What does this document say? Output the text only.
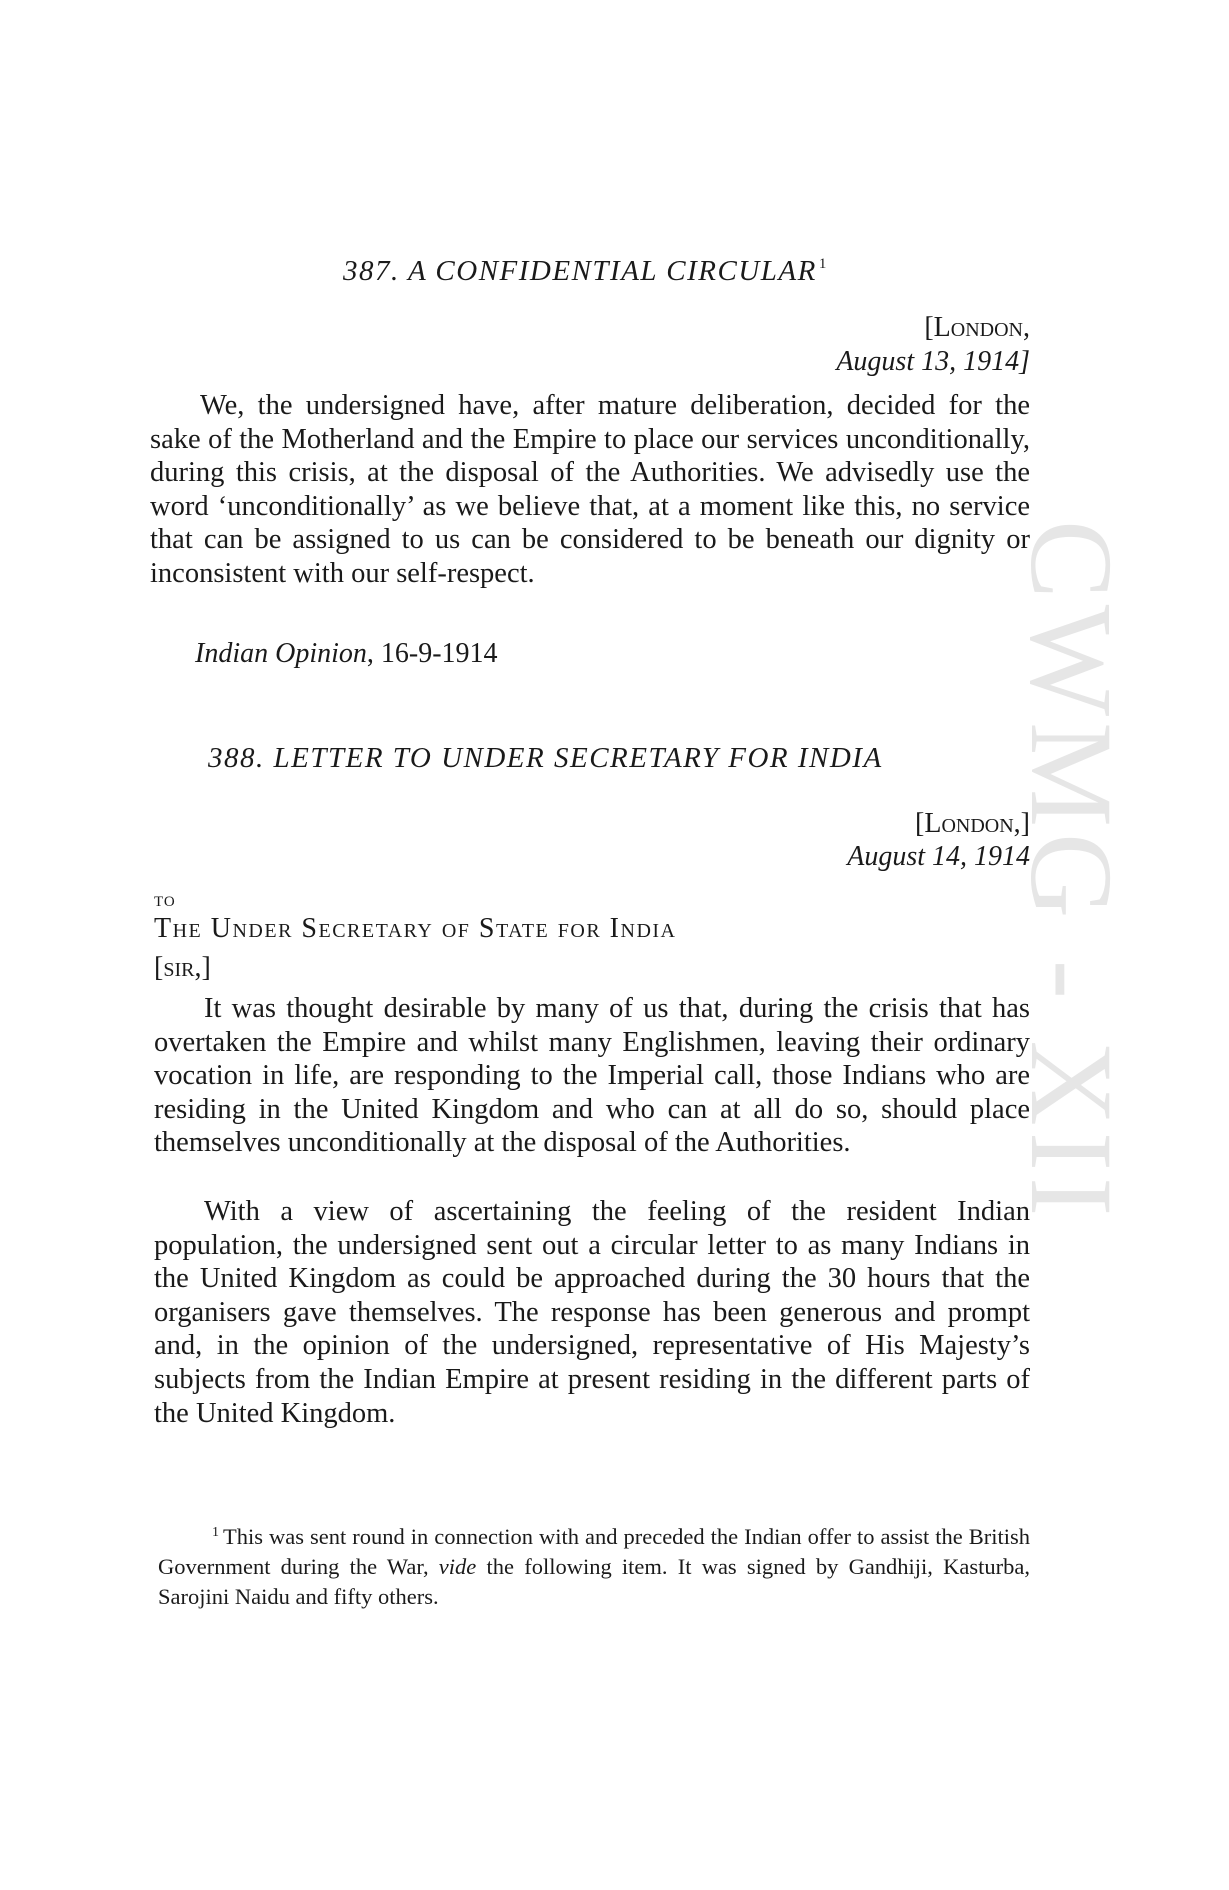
CWMG - XII
387. A CONFIDENTIAL CIRCULAR $^1$
[London,
August 13, 1914]

We, the undersigned have, after mature deliberation, decided for the sake of the Motherland and the Empire to place our services unconditionally, during this crisis, at the disposal of the Authorities. We advisedly use the word ‘unconditionally’ as we believe that, at a moment like this, no service that can be assigned to us can be considered to be beneath our dignity or inconsistent with our self-respect.

Indian Opinion, 16-9-1914
388. LETTER TO UNDER SECRETARY FOR INDIA
[London,]
August 14, 1914
to
The Under Secretary of State for India
[sir,]

It was thought desirable by many of us that, during the crisis that has overtaken the Empire and whilst many Englishmen, leaving their ordinary vocation in life, are responding to the Imperial call, those Indians who are residing in the United Kingdom and who can at all do so, should place themselves unconditionally at the disposal of the Authorities.

With a view of ascertaining the feeling of the resident Indian population, the undersigned sent out a circular letter to as many Indians in the United Kingdom as could be approached during the 30 hours that the organisers gave themselves. The response has been generous and prompt and, in the opinion of the undersigned, representative of His Majesty’s subjects from the Indian Empire at present residing in the different parts of the United Kingdom.

$^1$ This was sent round in connection with and preceded the Indian offer to assist the British Government during the War, vide the following item. It was signed by Gandhiji, Kasturba, Sarojini Naidu and fifty others.
